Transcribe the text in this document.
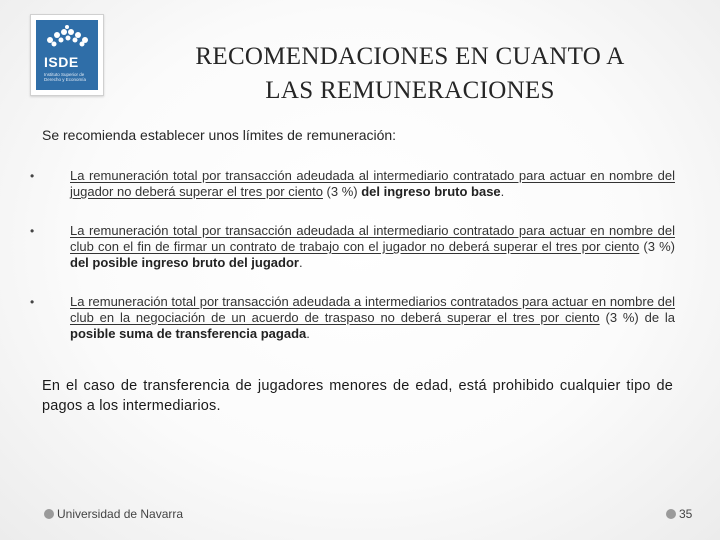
ISDE
Instituto Superior de Derecho y Economía
RECOMENDACIONES EN CUANTO A
LAS REMUNERACIONES

Se recomienda establecer unos límites de remuneración:

•	La remuneración total por transacción adeudada al intermediario contratado para actuar en nombre del jugador no deberá superar el tres por ciento (3 %) del ingreso bruto base.
•	La remuneración total por transacción adeudada al intermediario contratado para actuar en nombre del club con el fin de firmar un contrato de trabajo con el jugador no deberá superar el tres por ciento (3 %) del posible ingreso bruto del jugador.
•	La remuneración total por transacción adeudada a intermediarios contratados para actuar en nombre del club en la negociación de un acuerdo de traspaso no deberá superar el tres por ciento (3 %) de la posible suma de transferencia pagada.

En el caso de transferencia de jugadores menores de edad, está prohibido cualquier tipo de pagos a los intermediarios.

Universidad de Navarra	35
